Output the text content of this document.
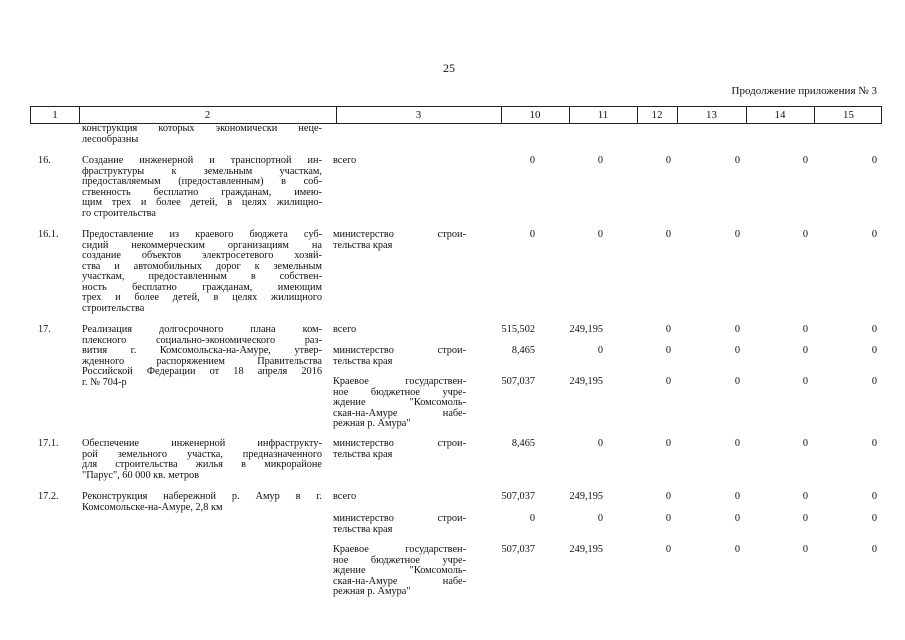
25
Продолжение приложения № 3
1	2	3	10	11	12	13	14	15
конструкция которых экономически неце-
лесообразны
16.	Создание инженерной и транспортной ин-
фраструктуры к земельным участкам,
предоставляемым (предоставленным) в соб-
ственность бесплатно гражданам, имею-
щим трех и более детей, в целях жилищно-
го строительства
всего	0	0	0	0	0	0
16.1. Предоставление из краевого бюджета суб-
сидий некоммерческим организациям на
создание объектов электросетевого хозяй-
ства и автомобильных дорог к земельным
участкам, предоставленным в собствен-
ность бесплатно гражданам, имеющим
трех и более детей, в целях жилищного
строительства
министерство строи-
тельства края
0	0	0	0	0	0
17.	Реализация долгосрочного плана ком-
плексного социально-экономического раз-
вития г. Комсомольска-на-Амуре, утвер-
жденного распоряжением Правительства
Российской Федерации от 18 апреля 2016
г. № 704-р
всего	515,502	249,195	0	0	0	0
министерство строи-
тельства края
8,465	0	0	0	0	0
Краевое государствен-
ное бюджетное учре-
ждение "Комсомоль-
ская-на-Амуре набе-
режная р. Амура"
507,037	249,195	0	0	0	0
17.1. Обеспечение инженерной инфраструкту-
рой земельного участка, предназначенного
для строительства жилья в микрорайоне
"Парус", 60 000 кв. метров
министерство строи-
тельства края
8,465	0	0	0	0	0
17.2. Реконструкция набережной р. Амур в г.
Комсомольске-на-Амуре, 2,8 км
всего	507,037	249,195	0	0	0	0
министерство строи-
тельства края
0	0	0	0	0	0
Краевое государствен-
ное бюджетное учре-
ждение "Комсомоль-
ская-на-Амуре набе-
режная р. Амура"
507,037	249,195	0	0	0	0
